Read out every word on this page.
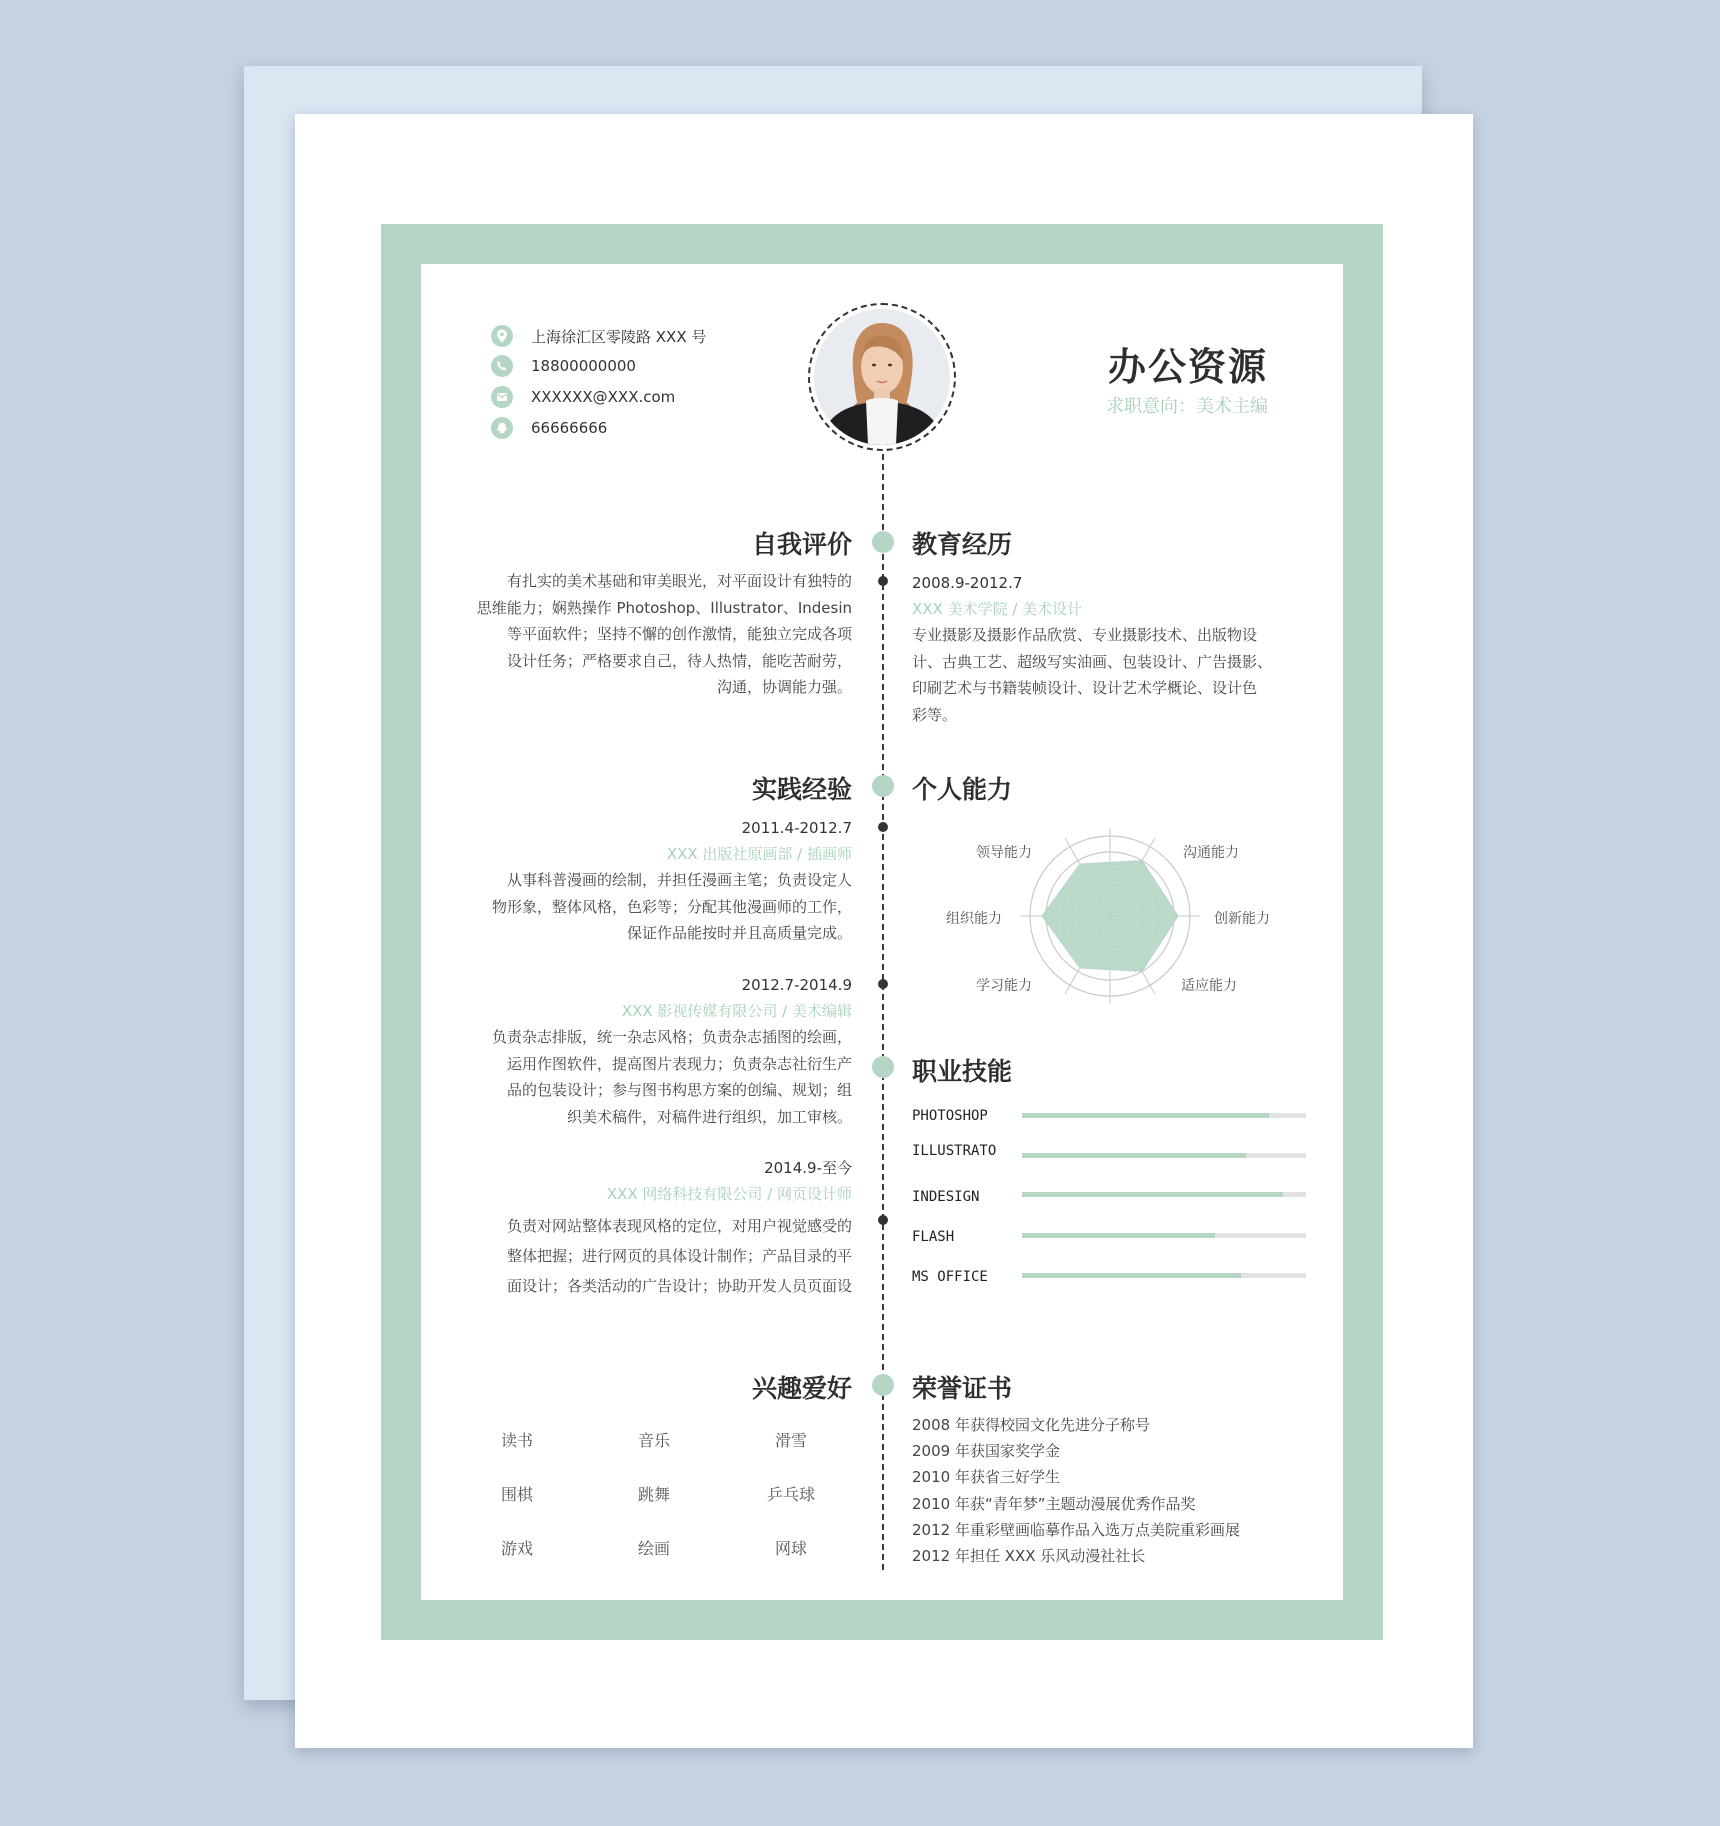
上海徐汇区零陵路 XXX 号
18800000000
XXXXXX@XXX.com
66666666
办公资源
求职意向：美术主编
自我评价
有扎实的美术基础和审美眼光，对平面设计有独特的
思维能力；娴熟操作 Photoshop、Illustrator、Indesin
等平面软件；坚持不懈的创作激情，能独立完成各项
设计任务；严格要求自己，待人热情，能吃苦耐劳，
沟通，协调能力强。
教育经历
2008.9-2012.7
XXX 美术学院 / 美术设计
专业摄影及摄影作品欣赏、专业摄影技术、出版物设
计、古典工艺、超级写实油画、包装设计、广告摄影、
印刷艺术与书籍装帧设计、设计艺术学概论、设计色
彩等。
实践经验
2011.4-2012.7
XXX 出版社原画部 / 插画师
从事科普漫画的绘制，并担任漫画主笔；负责设定人
物形象，整体风格，色彩等；分配其他漫画师的工作，
保证作品能按时并且高质量完成。
2012.7-2014.9
XXX 影视传媒有限公司 / 美术编辑
负责杂志排版，统一杂志风格；负责杂志插图的绘画，
运用作图软件，提高图片表现力；负责杂志社衍生产
品的包装设计；参与图书构思方案的创编、规划；组
织美术稿件，对稿件进行组织，加工审核。
2014.9-至今
XXX 网络科技有限公司 / 网页设计师
负责对网站整体表现风格的定位，对用户视觉感受的
整体把握；进行网页的具体设计制作；产品目录的平
面设计；各类活动的广告设计；协助开发人员页面设
个人能力
领导能力	沟通能力
创新能力
适应能力
学习能力
组织能力
职业技能
PHOTOSHOP
ILLUSTRATO
INDESIGN
FLASH
MS OFFICE
兴趣爱好
读书	音乐	滑雪
围棋	跳舞	乒乓球
游戏	绘画	网球
荣誉证书
2008 年获得校园文化先进分子称号
2009 年获国家奖学金
2010 年获省三好学生
2010 年获“青年梦”主题动漫展优秀作品奖
2012 年重彩壁画临摹作品入选万点美院重彩画展
2012 年担任 XXX 乐风动漫社社长
